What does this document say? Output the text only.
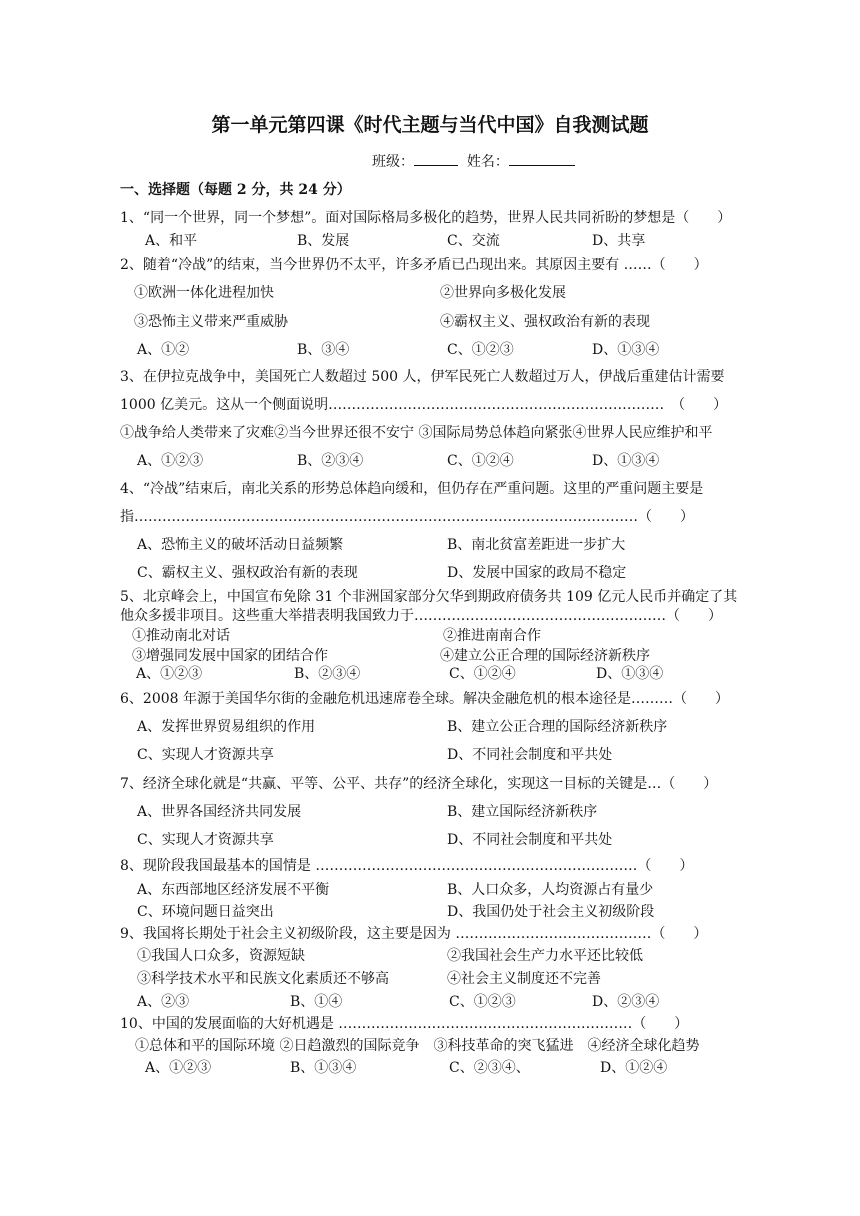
第一单元第四课《时代主题与当代中国》自我测试题
班级：	姓名：
一、选择题（每题 2 分，共 24 分）
1、“同一个世界，同一个梦想”。面对国际格局多极化的趋势，世界人民共同祈盼的梦想是（　　）
A、和平	B、发展	C、交流	D、共享
2、随着“冷战”的结束，当今世界仍不太平，许多矛盾已凸现出来。其原因主要有 ……（　　）
①欧洲一体化进程加快	②世界向多极化发展
③恐怖主义带来严重威胁	④霸权主义、强权政治有新的表现
A、①②	B、③④	C、①②③	D、①③④
3、在伊拉克战争中，美国死亡人数超过 500 人，伊军民死亡人数超过万人，伊战后重建估计需要
1000 亿美元。这从一个侧面说明………………………………………………………………　（　　）
①战争给人类带来了灾难②当今世界还很不安宁 ③国际局势总体趋向紧张④世界人民应维护和平
A、①②③	B、②③④	C、①②④	D、①③④
4、“冷战”结束后，南北关系的形势总体趋向缓和，但仍存在严重问题。这里的严重问题主要是
指………………………………………………………………………………………………（　　）
A、恐怖主义的破坏活动日益频繁	B、南北贫富差距进一步扩大
C、霸权主义、强权政治有新的表现	D、发展中国家的政局不稳定
5、北京峰会上，中国宣布免除 31 个非洲国家部分欠华到期政府债务共 109 亿元人民币并确定了其
他众多援非项目。这些重大举措表明我国致力于………………………………………………（　　）
①推动南北对话	②推进南南合作
③增强同发展中国家的团结合作	④建立公正合理的国际经济新秩序
A、①②③	B、②③④	C、①②④	D、①③④
6、2008 年源于美国华尔街的金融危机迅速席卷全球。解决金融危机的根本途径是………（　　）
A、发挥世界贸易组织的作用	B、建立公正合理的国际经济新秩序
C、实现人才资源共享	D、不同社会制度和平共处
7、经济全球化就是“共赢、平等、公平、共存”的经济全球化，实现这一目标的关键是…（　　）
A、世界各国经济共同发展	B、建立国际经济新秩序
C、实现人才资源共享	D、不同社会制度和平共处
8、现阶段我国最基本的国情是 ……………………………………………………………（　　）
A、东西部地区经济发展不平衡	B、人口众多，人均资源占有量少
C、环境问题日益突出	D、我国仍处于社会主义初级阶段
9、我国将长期处于社会主义初级阶段，这主要是因为 ……………………………………（　　）
①我国人口众多，资源短缺	②我国社会生产力水平还比较低
③科学技术水平和民族文化素质还不够高	④社会主义制度还不完善
A、②③	B、①④	C、①②③	D、②③④
10、中国的发展面临的大好机遇是 ………………………………………………………（　　）
①总体和平的国际环境 ②日趋激烈的国际竞争　③科技革命的突飞猛进　④经济全球化趋势
A、①②③	B、①③④	C、②③④、	D、①②④
